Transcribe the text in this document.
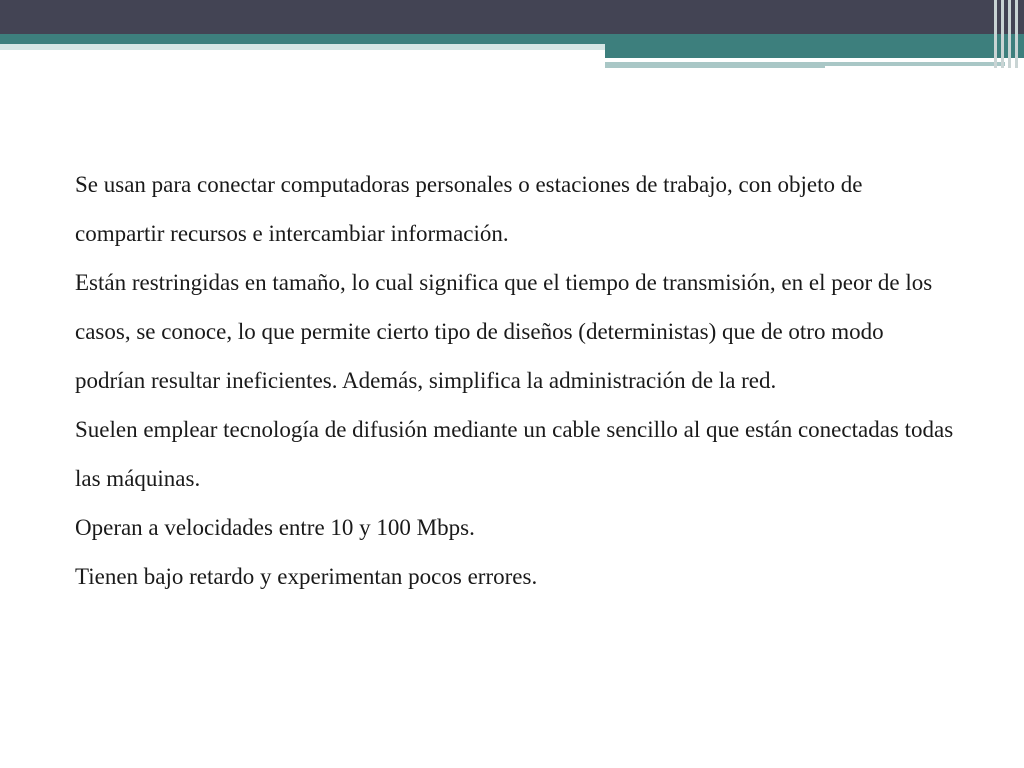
Se usan para conectar computadoras personales o estaciones de trabajo, con objeto de compartir recursos e intercambiar información.

Están restringidas en tamaño, lo cual significa que el tiempo de transmisión, en el peor de los casos, se conoce, lo que permite cierto tipo de diseños (deterministas) que de otro modo podrían resultar ineficientes. Además, simplifica la administración de la red.

Suelen emplear tecnología de difusión mediante un cable sencillo al que están conectadas todas las máquinas.

Operan a velocidades entre 10 y 100 Mbps.

Tienen bajo retardo y experimentan pocos errores.
